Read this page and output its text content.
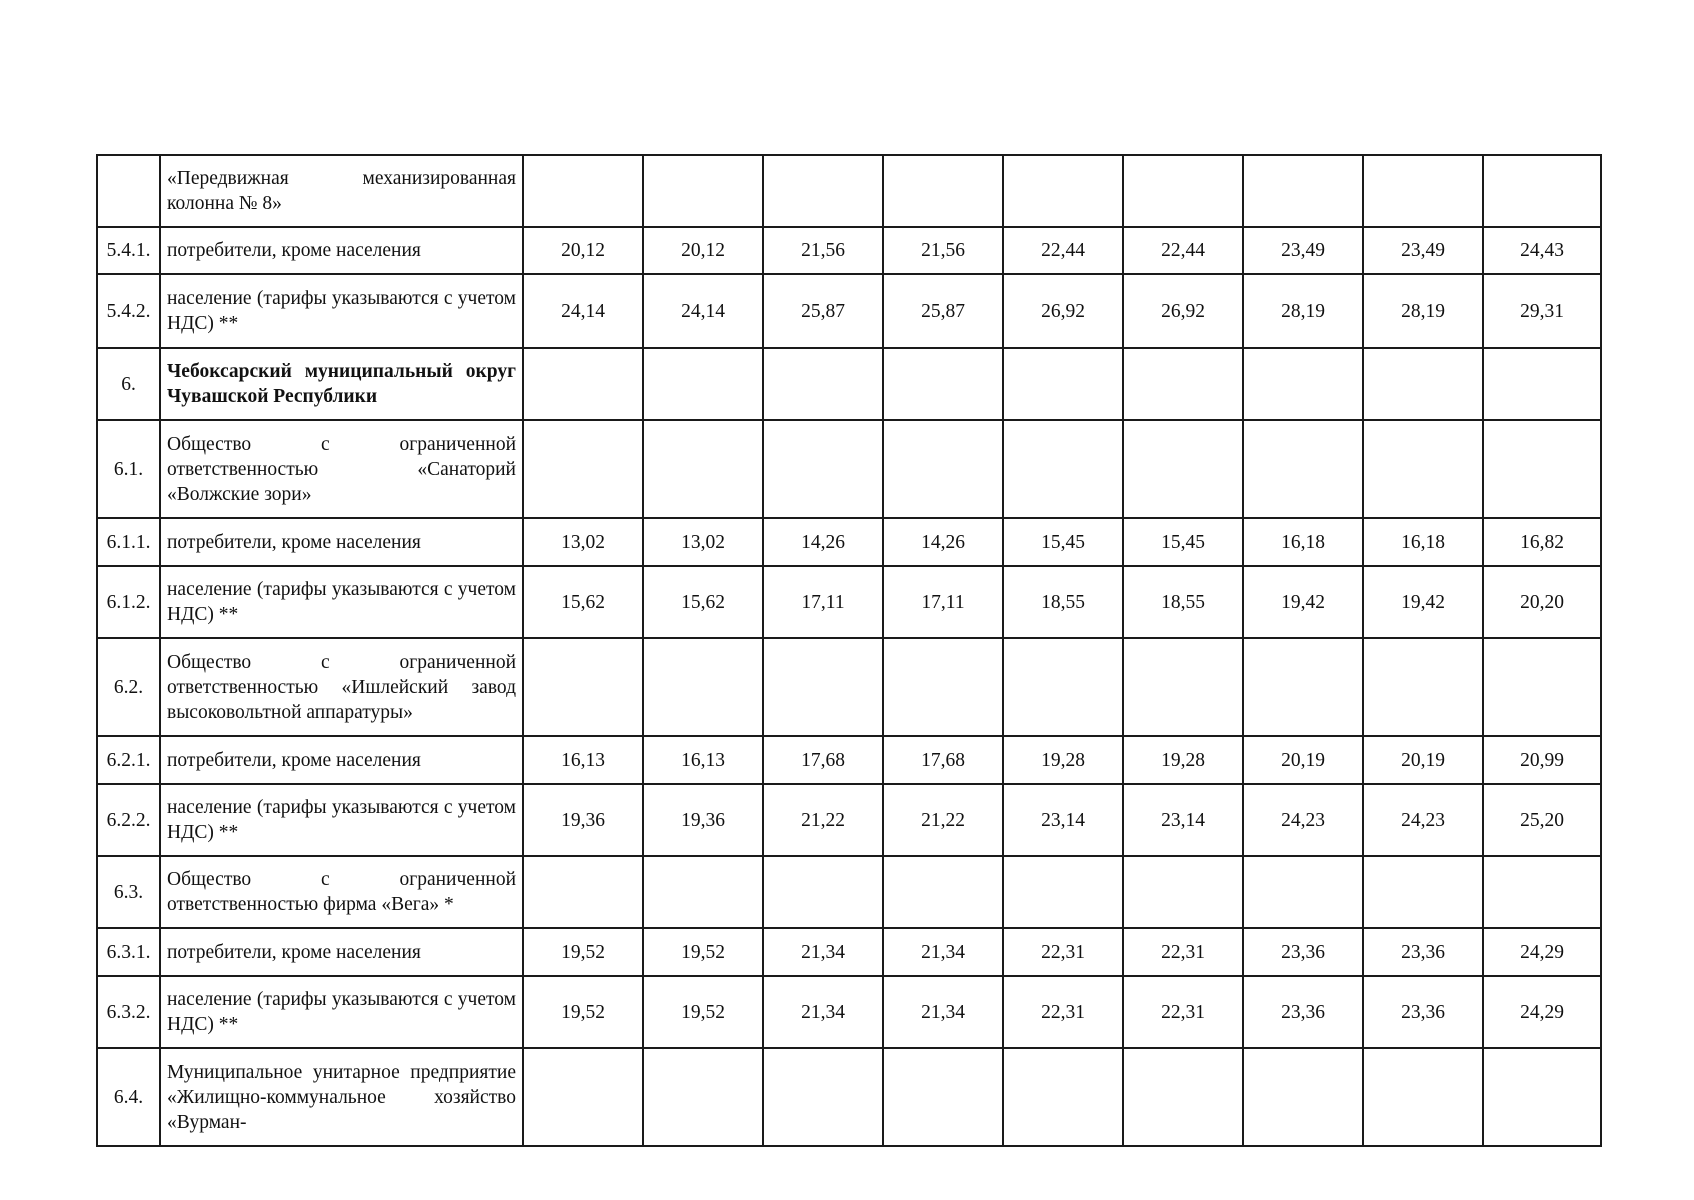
	«Передвижная механизированная колонна № 8»									
5.4.1.	потребители, кроме населения	20,12	20,12	21,56	21,56	22,44	22,44	23,49	23,49	24,43
5.4.2.	население (тарифы указываются с учетом НДС) **	24,14	24,14	25,87	25,87	26,92	26,92	28,19	28,19	29,31
6.	Чебоксарский муниципальный округ Чувашской Республики									
6.1.	Общество с ограниченной ответственностью «Санаторий «Волжские зори»									
6.1.1.	потребители, кроме населения	13,02	13,02	14,26	14,26	15,45	15,45	16,18	16,18	16,82
6.1.2.	население (тарифы указываются с учетом НДС) **	15,62	15,62	17,11	17,11	18,55	18,55	19,42	19,42	20,20
6.2.	Общество с ограниченной ответственностью «Ишлейский завод высоковольтной аппаратуры»									
6.2.1.	потребители, кроме населения	16,13	16,13	17,68	17,68	19,28	19,28	20,19	20,19	20,99
6.2.2.	население (тарифы указываются с учетом НДС) **	19,36	19,36	21,22	21,22	23,14	23,14	24,23	24,23	25,20
6.3.	Общество с ограниченной ответственностью фирма «Вега» *									
6.3.1.	потребители, кроме населения	19,52	19,52	21,34	21,34	22,31	22,31	23,36	23,36	24,29
6.3.2.	население (тарифы указываются с учетом НДС) **	19,52	19,52	21,34	21,34	22,31	22,31	23,36	23,36	24,29
6.4.	Муниципальное унитарное предприятие «Жилищно-коммунальное хозяйство «Вурман-									
